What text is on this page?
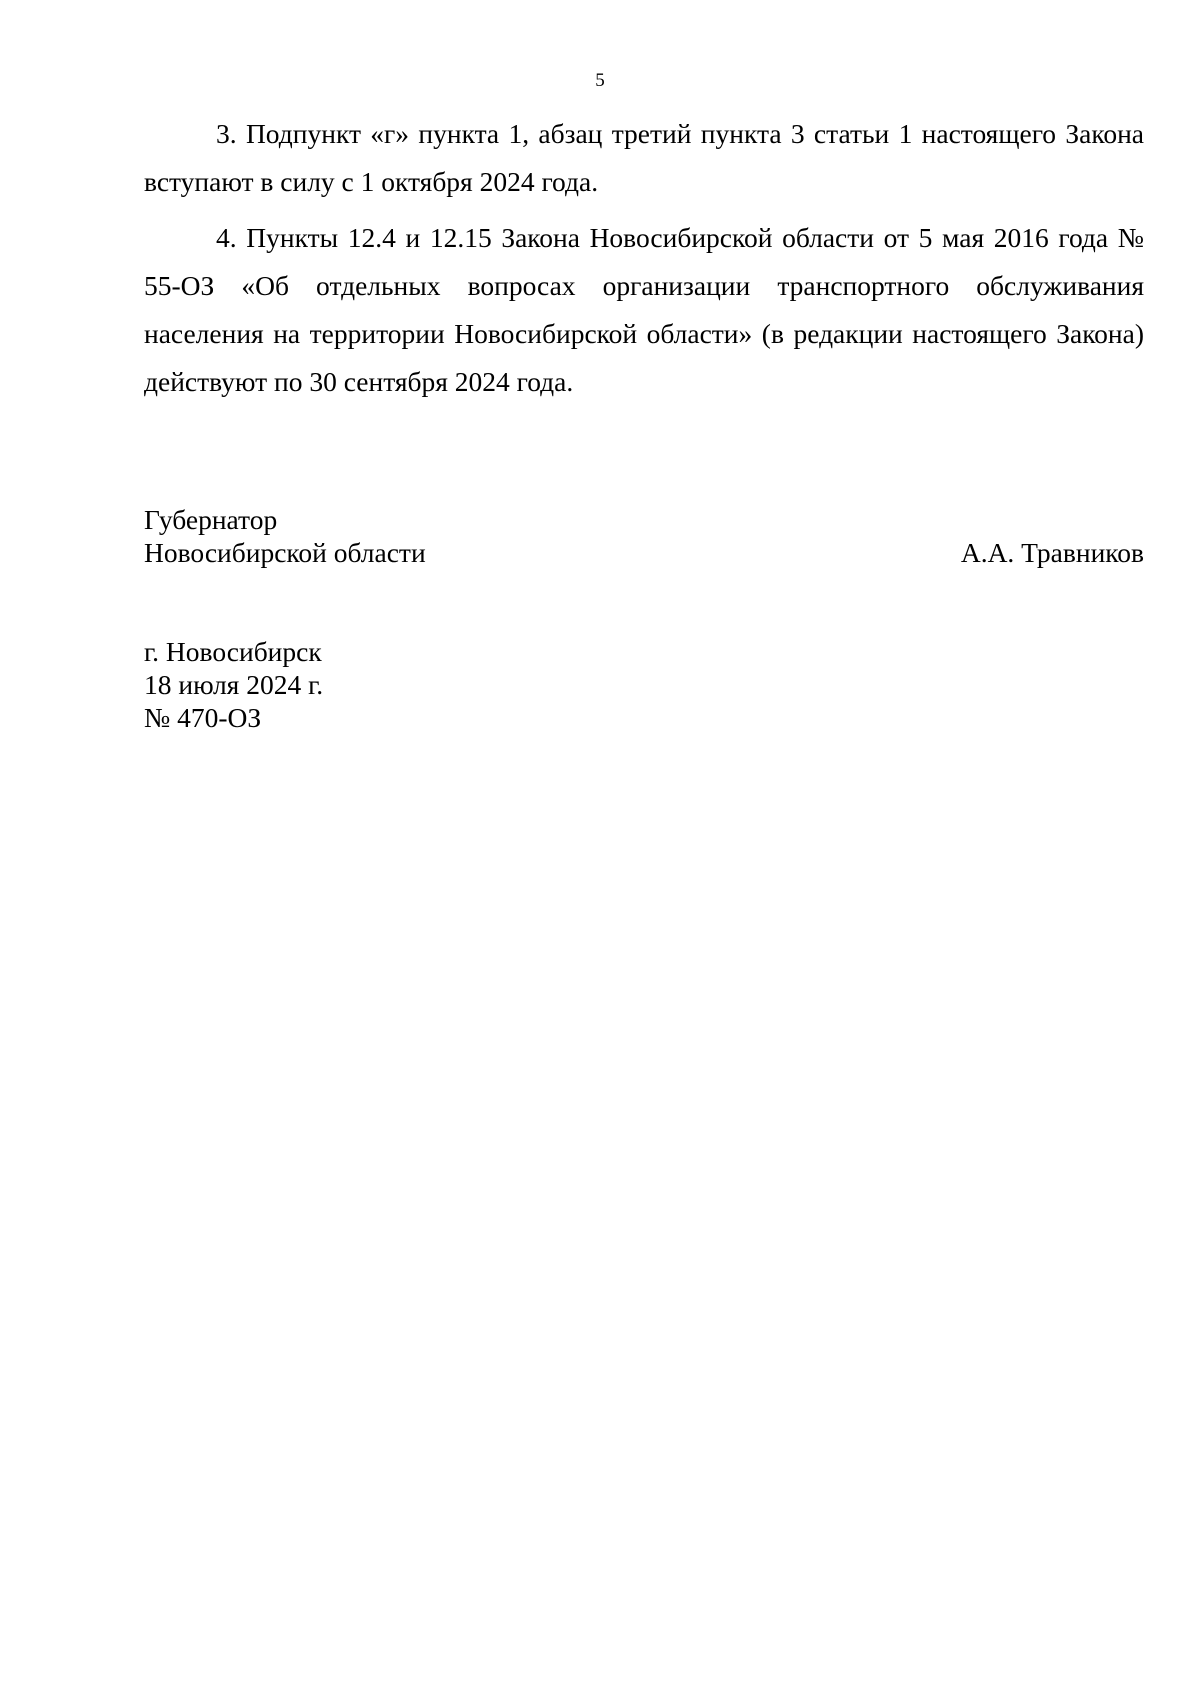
5

3. Подпункт «г» пункта 1, абзац третий пункта 3 статьи 1 настоящего Закона вступают в силу с 1 октября 2024 года.

4. Пункты 12.4 и 12.15 Закона Новосибирской области от 5 мая 2016 года № 55-ОЗ «Об отдельных вопросах организации транспортного обслуживания населения на территории Новосибирской области» (в редакции настоящего Закона) действуют по 30 сентября 2024 года.

Губернатор
Новосибирской области	А.А. Травников
г. Новосибирск
18 июля 2024 г.
№ 470-ОЗ
